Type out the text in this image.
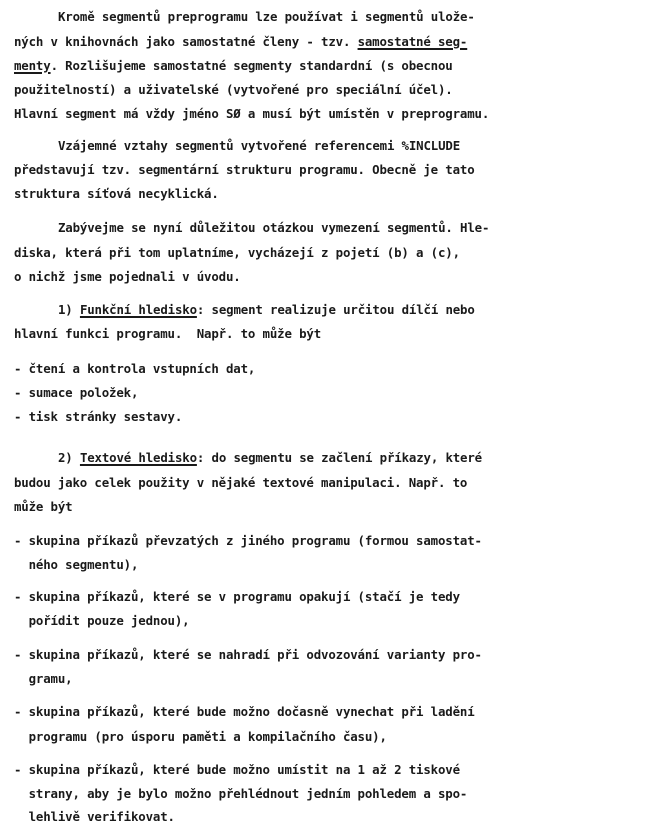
Kromě segmentů preprogramu lze používat i segmentů ulože-
ných v knihovnách jako samostatné členy - tzv. samostatné seg-
menty. Rozlišujeme samostatné segmenty standardní (s obecnou
použitelností) a uživatelské (vytvořené pro speciální účel).
Hlavní segment má vždy jméno SØ a musí být umístěn v preprogramu.
Vzájemné vztahy segmentů vytvořené referencemi %INCLUDE
představují tzv. segmentární strukturu programu. Obecně je tato
struktura síťová necyklická.
Zabývejme se nyní důležitou otázkou vymezení segmentů. Hle-
diska, která při tom uplatníme, vycházejí z pojetí (b) a (c),
o nichž jsme pojednali v úvodu.
1) Funkční hledisko: segment realizuje určitou dílčí nebo
hlavní funkci programu.  Např. to může být
- čtení a kontrola vstupních dat,
- sumace položek,
- tisk stránky sestavy.
2) Textové hledisko: do segmentu se začlení příkazy, které
budou jako celek použity v nějaké textové manipulaci. Např. to
může být
- skupina příkazů převzatých z jiného programu (formou samostat-
ného segmentu),
- skupina příkazů, které se v programu opakují (stačí je tedy
pořídit pouze jednou),
- skupina příkazů, které se nahradí při odvozování varianty pro-
gramu,
- skupina příkazů, které bude možno dočasně vynechat při ladění
programu (pro úsporu paměti a kompilačního času),
- skupina příkazů, které bude možno umístit na 1 až 2 tiskové
strany, aby je bylo možno přehlédnout jedním pohledem a spo-
lehlivě verifikovat.
